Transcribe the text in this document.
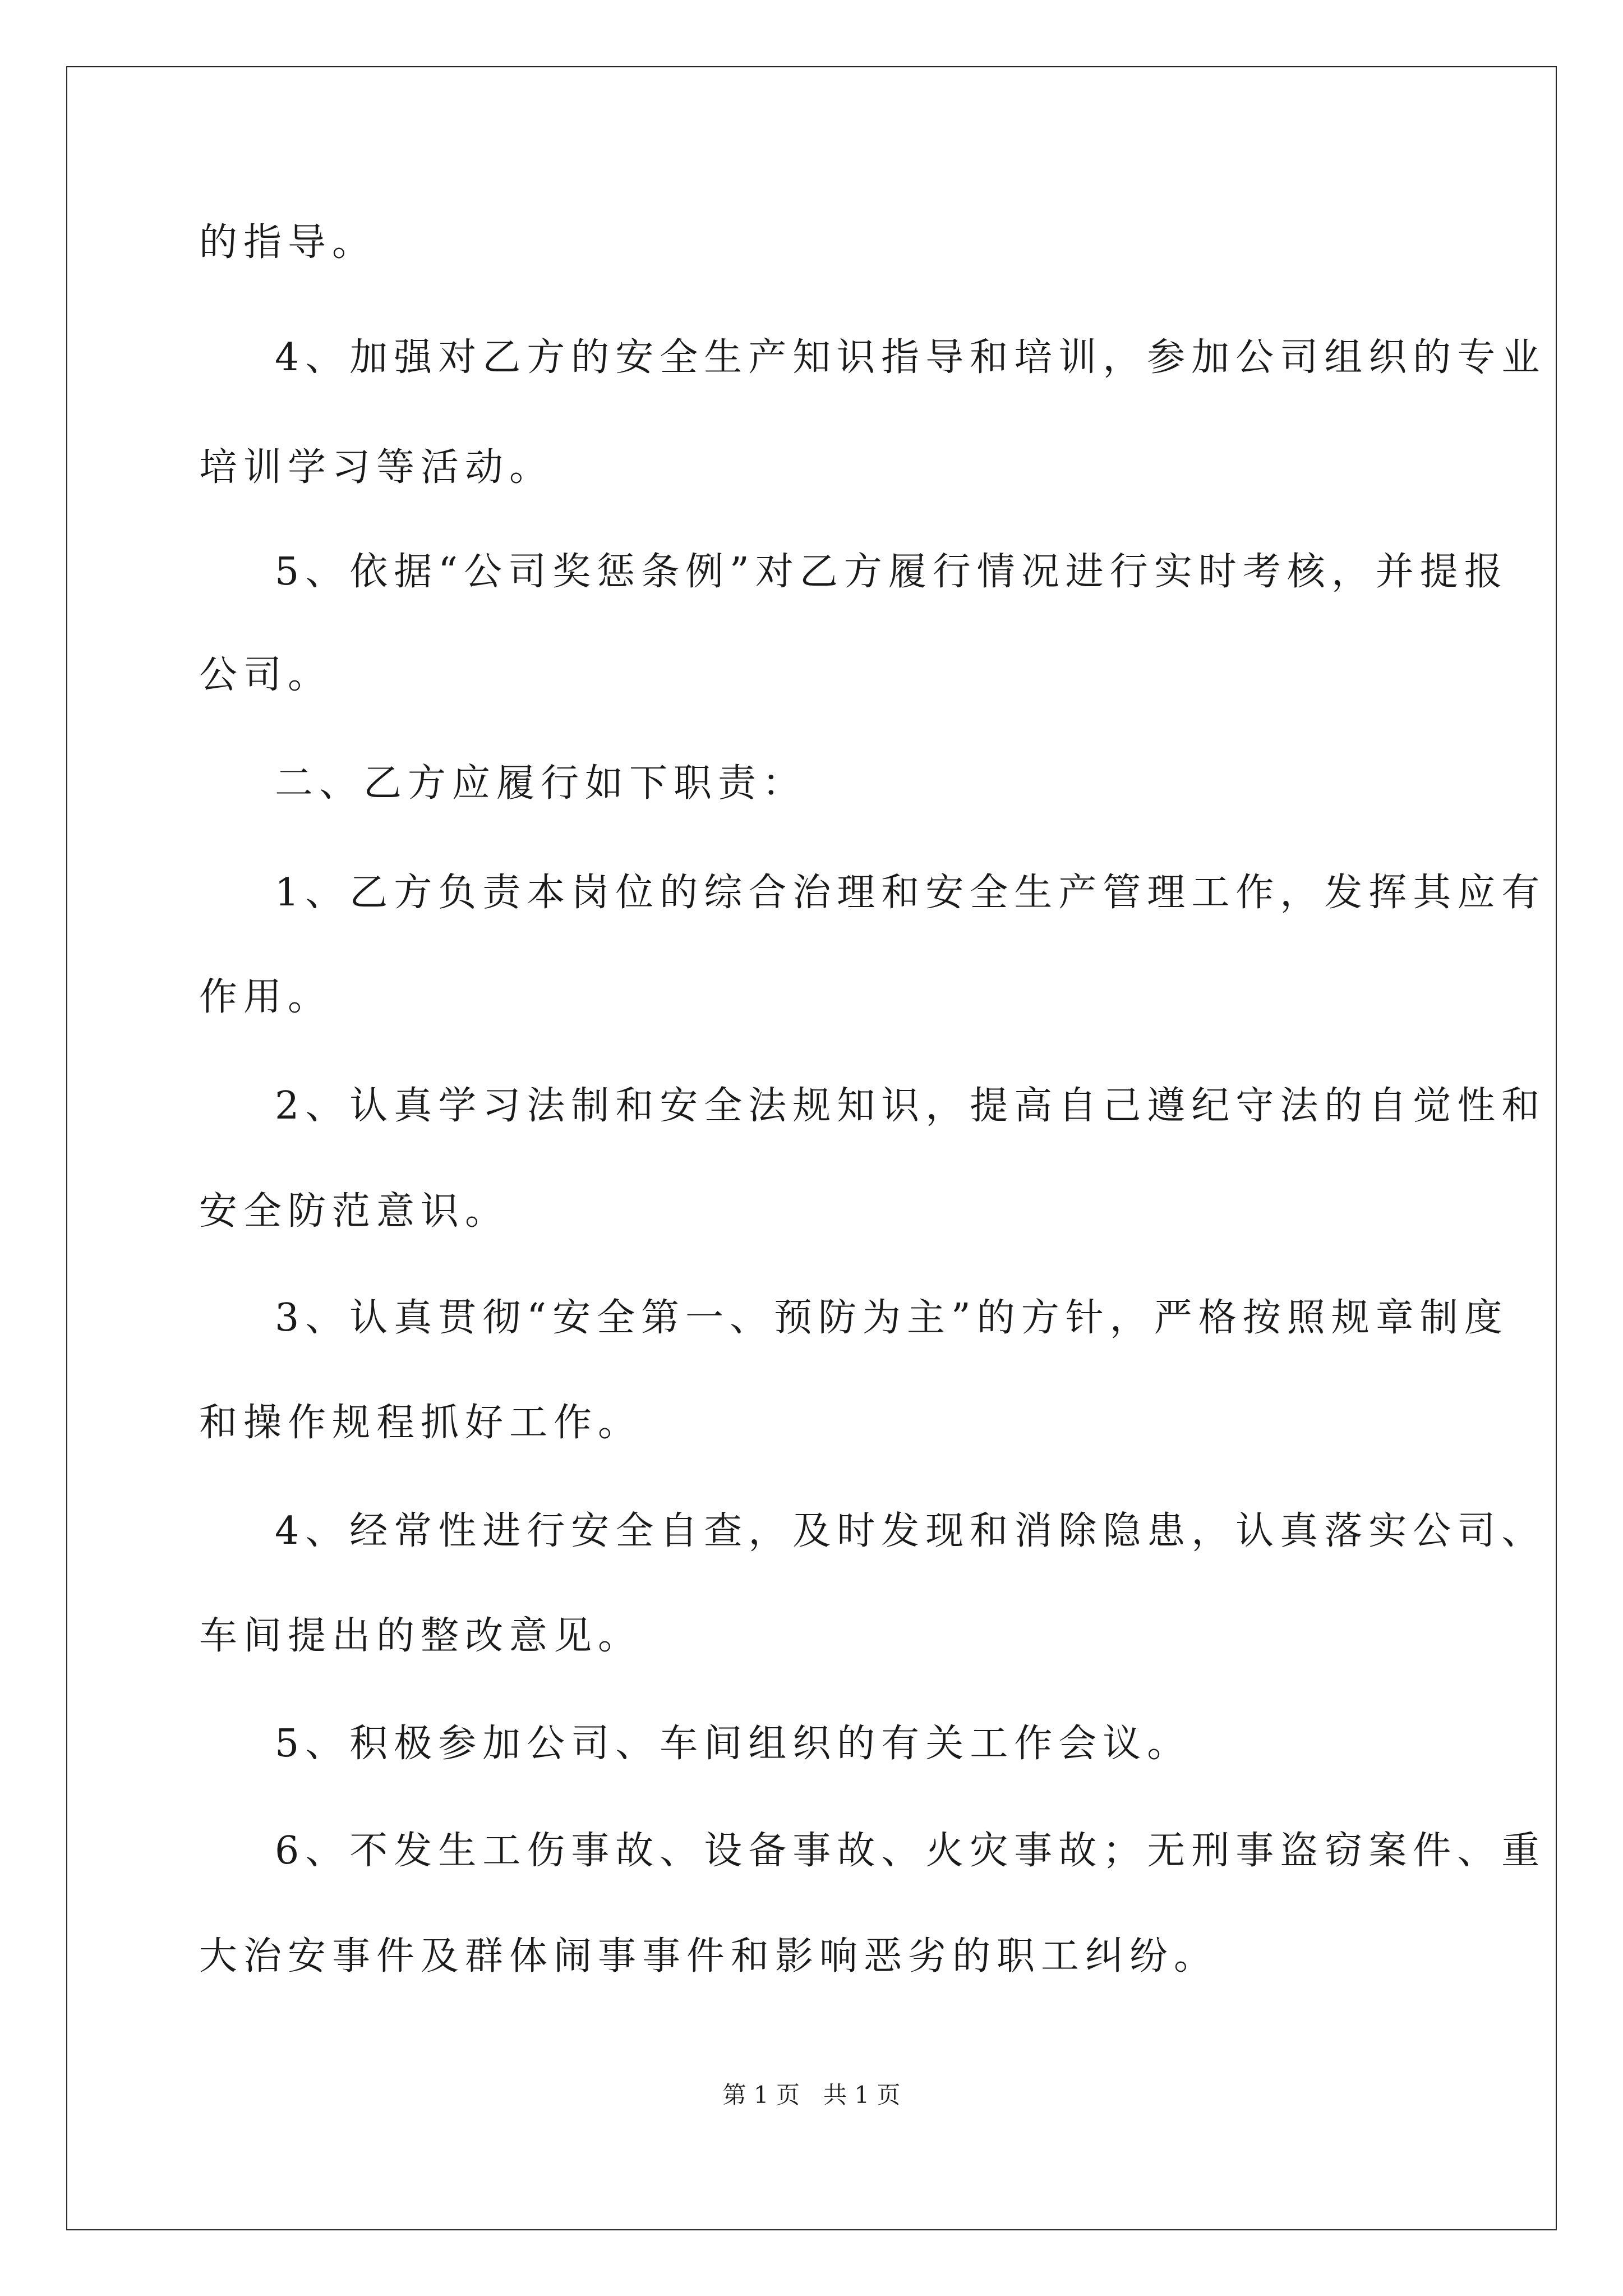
的指导。
4、加强对乙方的安全生产知识指导和培训，参加公司组织的专业
培训学习等活动。
5、依据“公司奖惩条例”对乙方履行情况进行实时考核，并提报
公司。
二、乙方应履行如下职责：
1、乙方负责本岗位的综合治理和安全生产管理工作，发挥其应有
作用。
2、认真学习法制和安全法规知识，提高自己遵纪守法的自觉性和
安全防范意识。
3、认真贯彻“安全第一、预防为主”的方针，严格按照规章制度
和操作规程抓好工作。
4、经常性进行安全自查，及时发现和消除隐患，认真落实公司、
车间提出的整改意见。
5、积极参加公司、车间组织的有关工作会议。
6、不发生工伤事故、设备事故、火灾事故；无刑事盗窃案件、重
大治安事件及群体闹事事件和影响恶劣的职工纠纷。
第 1 页　共 1 页
